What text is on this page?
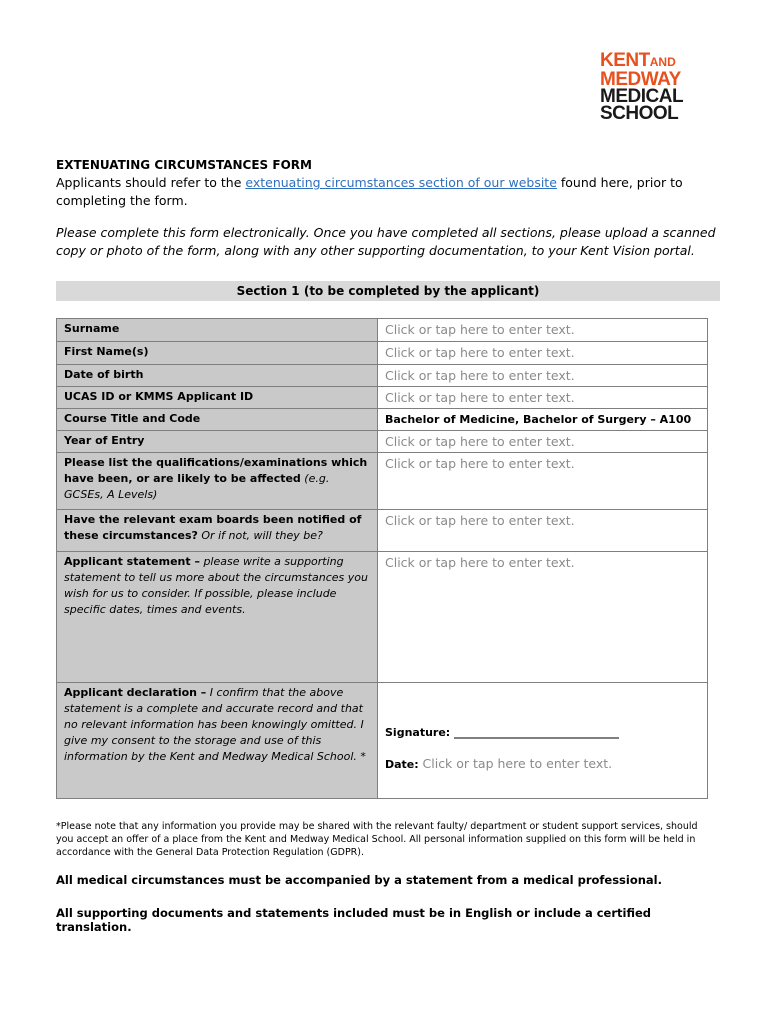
KENTAND
MEDWAY
MEDICAL
SCHOOL

EXTENUATING CIRCUMSTANCES FORM

Applicants should refer to the extenuating circumstances section of our website found here, prior to completing the form.

Please complete this form electronically. Once you have completed all sections, please upload a scanned copy or photo of the form, along with any other supporting documentation, to your Kent Vision portal.

Section 1 (to be completed by the applicant)
Surname	Click or tap here to enter text.
First Name(s)	Click or tap here to enter text.
Date of birth	Click or tap here to enter text.
UCAS ID or KMMS Applicant ID	Click or tap here to enter text.
Course Title and Code	Bachelor of Medicine, Bachelor of Surgery – A100
Year of Entry	Click or tap here to enter text.
Please list the qualifications/examinations which have been, or are likely to be affected (e.g. GCSEs, A Levels)	Click or tap here to enter text.
Have the relevant exam boards been notified of these circumstances? Or if not, will they be?	Click or tap here to enter text.
Applicant statement – please write a supporting statement to tell us more about the circumstances you wish for us to consider. If possible, please include specific dates, times and events.	Click or tap here to enter text.
Applicant declaration – I confirm that the above statement is a complete and accurate record and that no relevant information has been knowingly omitted. I give my consent to the storage and use of this information by the Kent and Medway Medical School. *	Signature: ______________________________
Date: Click or tap here to enter text.
*Please note that any information you provide may be shared with the relevant faulty/ department or student support services, should you accept an offer of a place from the Kent and Medway Medical School. All personal information supplied on this form will be held in accordance with the General Data Protection Regulation (GDPR).
All medical circumstances must be accompanied by a statement from a medical professional.
All supporting documents and statements included must be in English or include a certified translation.
